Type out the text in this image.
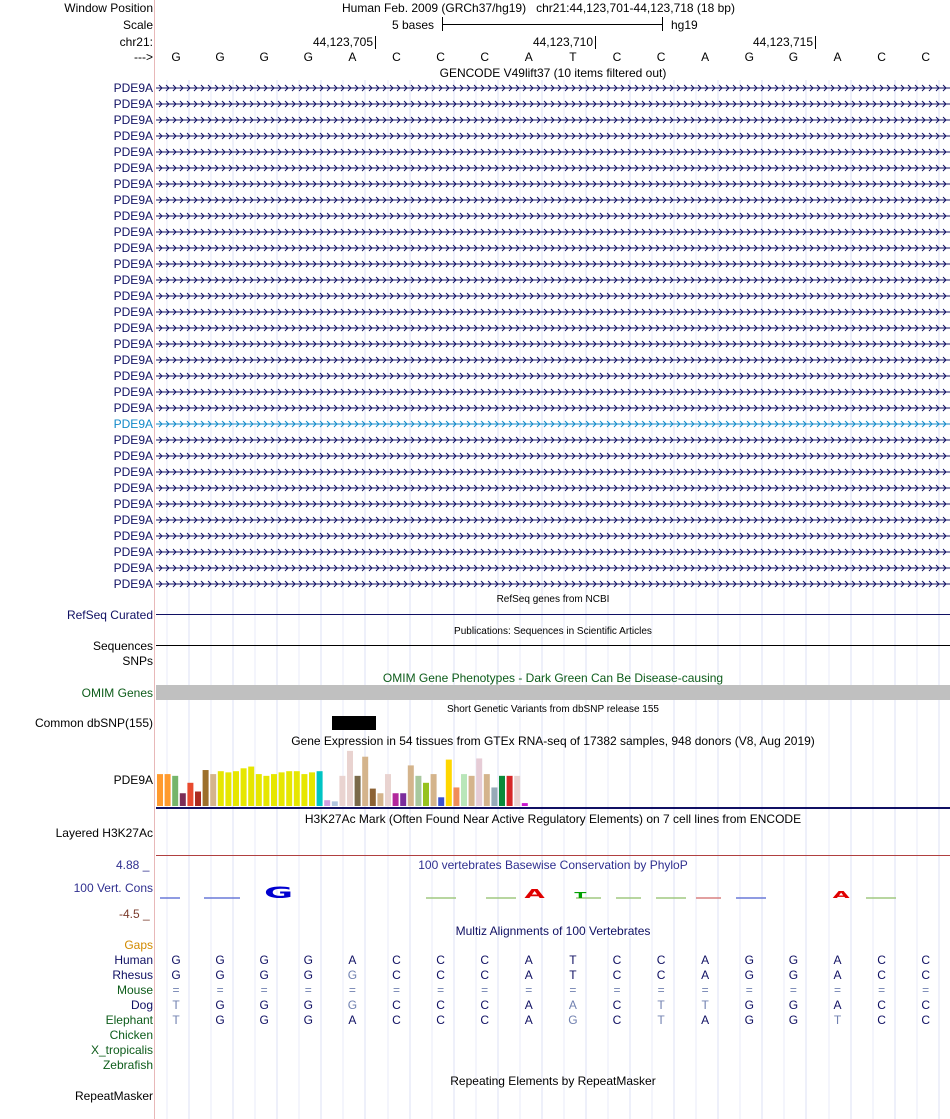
Window Position	Human Feb. 2009 (GRCh37/hg19) chr21:44,123,701-44,123,718 (18 bp)
Scale	5 bases	hg19
chr21:	44,123,705	44,123,710	44,123,715
--->	G	G	G	G	A	C	C	C	A	T	C	C	A	G	G	A	C	C
GENCODE V49lift37 (10 items filtered out)
PDE9A
PDE9A
PDE9A
PDE9A
PDE9A
PDE9A
PDE9A
PDE9A
PDE9A
PDE9A
PDE9A
PDE9A
PDE9A
PDE9A
PDE9A
PDE9A
PDE9A
PDE9A
PDE9A
PDE9A
PDE9A
PDE9A
PDE9A
PDE9A
PDE9A
PDE9A
PDE9A
PDE9A
PDE9A
PDE9A
PDE9A
PDE9A
RefSeq genes from NCBI
RefSeq Curated
Publications: Sequences in Scientific Articles
Sequences
SNPs
OMIM Gene Phenotypes - Dark Green Can Be Disease-causing
OMIM Genes
Short Genetic Variants from dbSNP release 155
Common dbSNP(155)
Gene Expression in 54 tissues from GTEx RNA-seq of 17382 samples, 948 donors (V8, Aug 2019)
PDE9A
H3K27Ac Mark (Often Found Near Active Regulatory Elements) on 7 cell lines from ENCODE
Layered H3K27Ac
100 vertebrates Basewise Conservation by PhyloP
4.88 _
100 Vert. Cons
-4.5 _
G	A	T	A
Multiz Alignments of 100 Vertebrates
Gaps
Human	G	G	G	G	A	C	C	C	A	T	C	C	A	G	G	A	C	C
Rhesus	G	G	G	G	G	C	C	C	A	T	C	C	A	G	G	A	C	C
Mouse	=	=	=	=	=	=	=	=	=	=	=	=	=	=	=	=	=	=
Dog	T	G	G	G	G	C	C	C	A	A	C	T	T	G	G	A	C	C
Elephant	T	G	G	G	A	C	C	C	A	G	C	T	A	G	G	T	C	C
Chicken
X_tropicalis
Zebrafish
Repeating Elements by RepeatMasker
RepeatMasker
